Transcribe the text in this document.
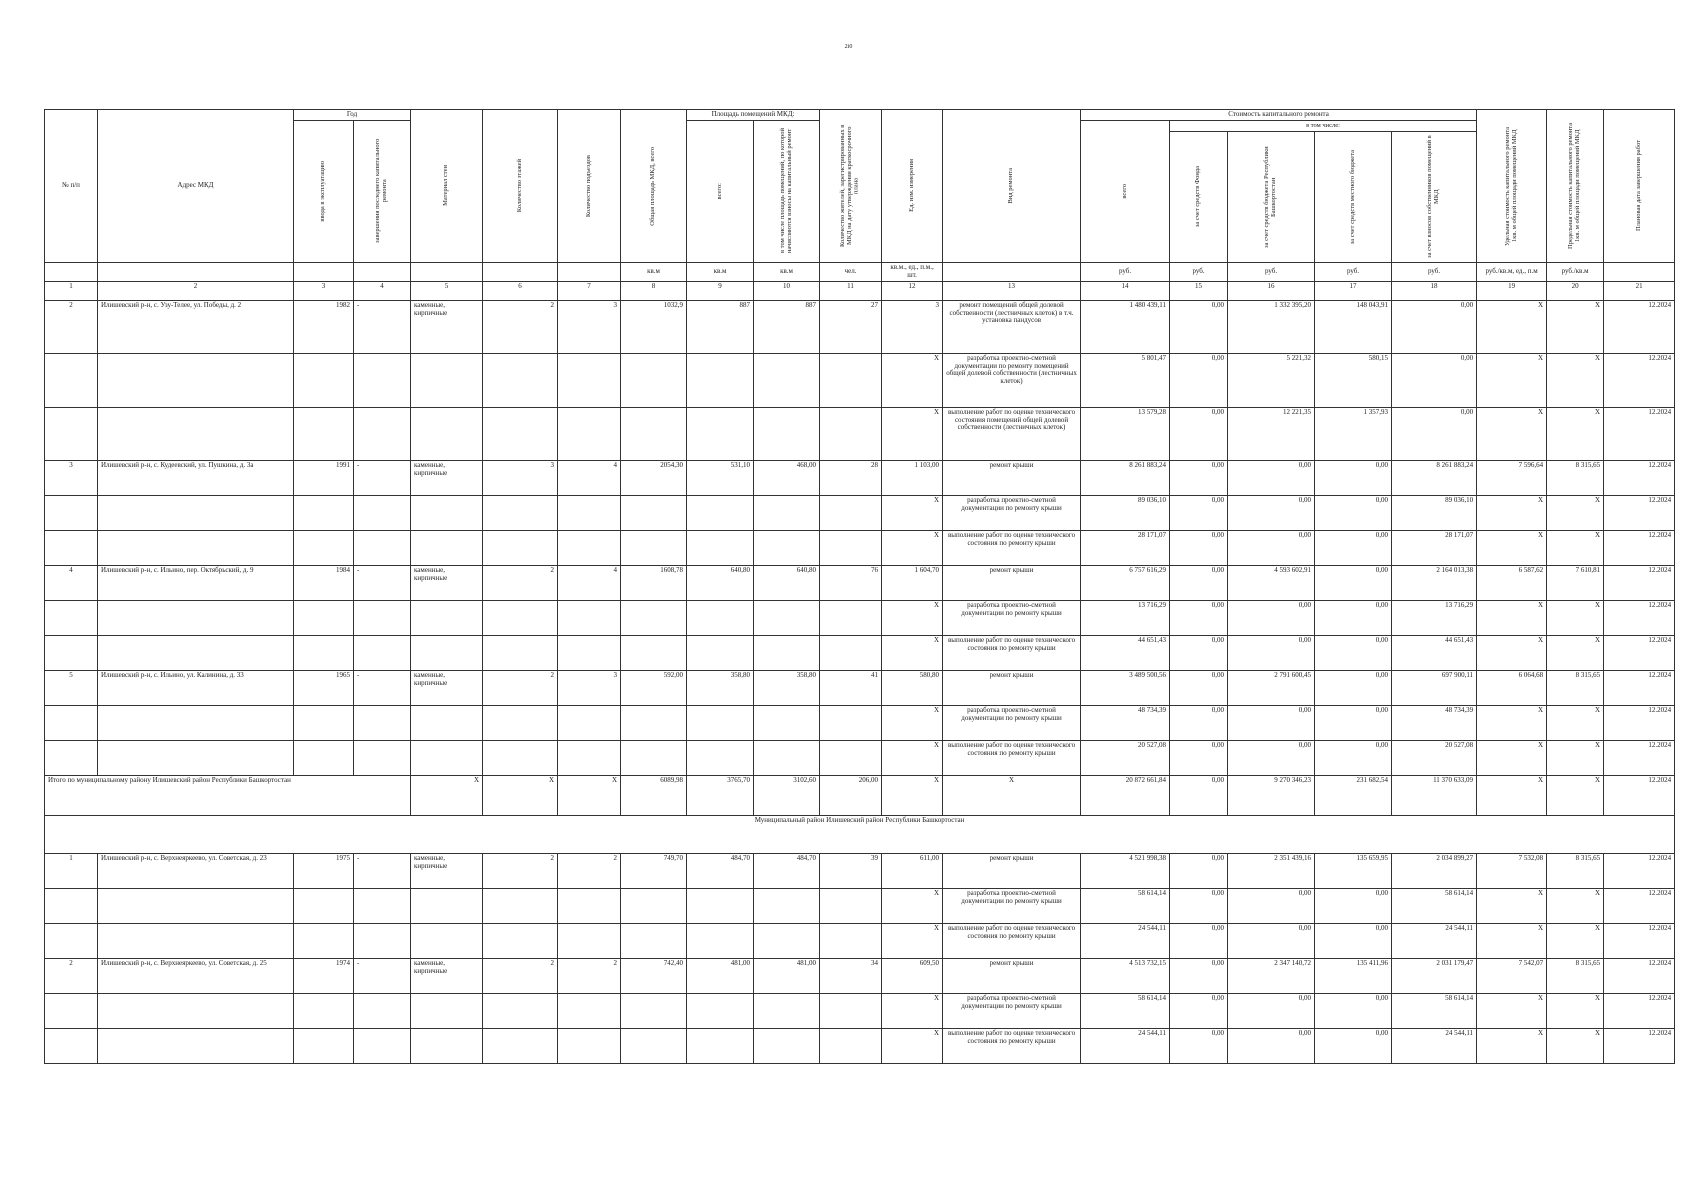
2i0
№ п/п	Адрес МКД	Год		Материал стен	Количество этажей	Количество подъездов	Общая площадь МКД, всего	Площадь помещений МКД:		Количество жителей, зарегистрированных в МКД на дату утверждения краткосрочного плана	Ед. изм. измерения	Вид ремонта	Стоимость капитального ремонта					Удельная стоимость капитального ремонта 1кв. м общей площади помещений МКД	Предельная стоимость капитального ремонта 1кв. м общей площади помещений МКД	Плановая дата завершения работ

		ввода в эксплуатацию	завершения последнего капитального ремонта					всего:	в том числе площадь помещений, по которой начисляются взносы на капитальный ремонт				всего	в том числе:						

														за счет средств Фонда	за счет средств бюджета Республики Башкортостан	за счет средств местного бюджета	за счет взносов собственников помещений в МКД			

							кв.м	кв.м	кв.м	чел.	кв.м., ед., п.м., шт.		руб.	руб.	руб.	руб.	руб.	руб./кв.м, ед., п.м	руб./кв.м	
1	2	3	4	5	6	7	8	9	10	11	12	13	14	15	16	17	18	19	20	21
2	Илишевский р-н, с. Узу-Телее, ул. Победы, д. 2	1982	-	каменные, кирпичные	2	3	1032,9	887	887	27	3	ремонт помещений общей долевой собственности (лестничных клеток) в т.ч. установка пандусов	1 480 439,11	0,00	1 332 395,20	148 043,91	0,00	X	X	12.2024
											X	разработка проектно-сметной документации по ремонту помещений общей долевой собственности (лестничных клеток)	5 801,47	0,00	5 221,32	580,15	0,00	X	X	12.2024
											X	выполнение работ по оценке технического состояния помещений общей долевой собственности (лестничных клеток)	13 579,28	0,00	12 221,35	1 357,93	0,00	X	X	12.2024
3	Илишевский р-н, с. Кудеевский, ул. Пушкина, д. 3а	1991	-	каменные, кирпичные	3	4	2054,30	531,10	468,00	28	1 103,00	ремонт крыши	8 261 883,24	0,00	0,00	0,00	8 261 883,24	7 596,64	8 315,65	12.2024
											X	разработка проектно-сметной документации по ремонту крыши	89 036,10	0,00	0,00	0,00	89 036,10	X	X	12.2024
											X	выполнение работ по оценке технического состояния по ремонту крыши	28 171,07	0,00	0,00	0,00	28 171,07	X	X	12.2024
4	Илишевский р-н, с. Ильино, пер. Октябрьский, д. 9	1984	-	каменные, кирпичные	2	4	1608,78	640,80	640,80	76	1 604,70	ремонт крыши	6 757 616,29	0,00	4 593 602,91	0,00	2 164 013,38	6 587,62	7 610,81	12.2024
											X	разработка проектно-сметной документации по ремонту крыши	13 716,29	0,00	0,00	0,00	13 716,29	X	X	12.2024
											X	выполнение работ по оценке технического состояния по ремонту крыши	44 651,43	0,00	0,00	0,00	44 651,43	X	X	12.2024
5	Илишевский р-н, с. Ильино, ул. Калинина, д. 33	1965	-	каменные, кирпичные	2	3	592,00	358,80	358,80	41	580,80	ремонт крыши	3 489 500,56	0,00	2 791 600,45	0,00	697 900,11	6 064,68	8 315,65	12.2024
											X	разработка проектно-сметной документации по ремонту крыши	48 734,39	0,00	0,00	0,00	48 734,39	X	X	12.2024
											X	выполнение работ по оценке технического состояния по ремонту крыши	20 527,08	0,00	0,00	0,00	20 527,08	X	X	12.2024
Итого по муниципальному району Илишевский район Республики Башкортостан				X	X	X	6089,98	3765,70	3102,60	206,00	X	X	20 872 661,84	0,00	9 270 346,23	231 682,54	11 370 633,09	X	X	12.2024
Муниципальный район Илишевский район Республики Башкортостан																				
1	Илишевский р-н, с. Верхнеяркеево, ул. Советская, д. 23	1975	-	каменные, кирпичные	2	2	749,70	484,70	484,70	39	611,00	ремонт крыши	4 521 998,38	0,00	2 351 439,16	135 659,95	2 034 899,27	7 532,08	8 315,65	12.2024
											X	разработка проектно-сметной документации по ремонту крыши	58 614,14	0,00	0,00	0,00	58 614,14	X	X	12.2024
											X	выполнение работ по оценке технического состояния по ремонту крыши	24 544,11	0,00	0,00	0,00	24 544,11	X	X	12.2024
2	Илишевский р-н, с. Верхнеяркеево, ул. Советская, д. 25	1974	-	каменные, кирпичные	2	2	742,40	481,00	481,00	34	609,50	ремонт крыши	4 513 732,15	0,00	2 347 140,72	135 411,96	2 031 179,47	7 542,07	8 315,65	12.2024
											X	разработка проектно-сметной документации по ремонту крыши	58 614,14	0,00	0,00	0,00	58 614,14	X	X	12.2024
											X	выполнение работ по оценке технического состояния по ремонту крыши	24 544,11	0,00	0,00	0,00	24 544,11	X	X	12.2024
